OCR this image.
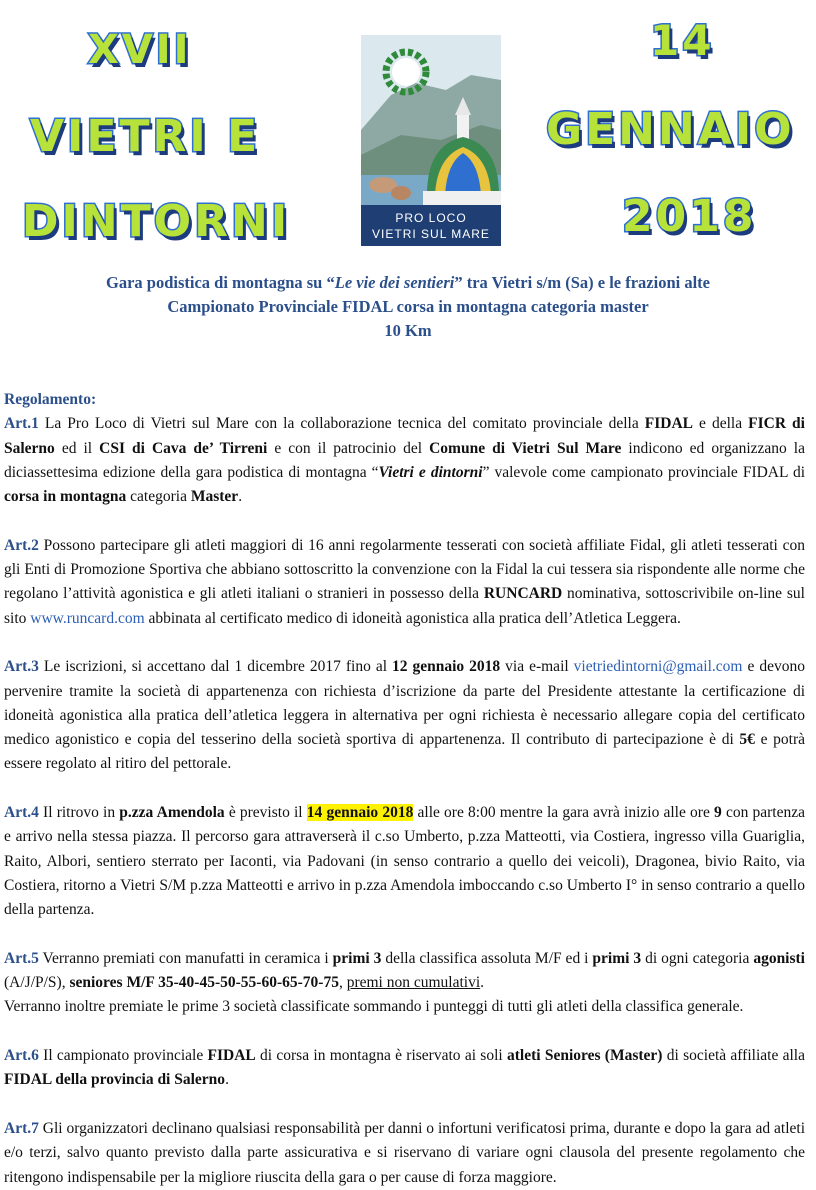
XVII
VIETRI E
DINTORNI
14
GENNAIO
2018
PRO LOCO
VIETRI SUL MARE
Gara podistica di montagna su “Le vie dei sentieri” tra Vietri s/m (Sa) e le frazioni alte
Campionato Provinciale FIDAL corsa in montagna categoria master
10 Km

Regolamento:
Art.1 La Pro Loco di Vietri sul Mare con la collaborazione tecnica del comitato provinciale della FIDAL e della FICR di Salerno ed il CSI di Cava de’ Tirreni e con il patrocinio del Comune di Vietri Sul Mare indicono ed organizzano la diciassettesima edizione della gara podistica di montagna “Vietri e dintorni” valevole come campionato provinciale FIDAL di corsa in montagna categoria Master.

Art.2 Possono partecipare gli atleti maggiori di 16 anni regolarmente tesserati con società affiliate Fidal, gli atleti tesserati con gli Enti di Promozione Sportiva che abbiano sottoscritto la convenzione con la Fidal la cui tessera sia rispondente alle norme che regolano l’attività agonistica e gli atleti italiani o stranieri in possesso della RUNCARD nominativa, sottoscrivibile on-line sul sito www.runcard.com abbinata al certificato medico di idoneità agonistica alla pratica dell’Atletica Leggera.

Art.3 Le iscrizioni, si accettano dal 1 dicembre 2017 fino al 12 gennaio 2018 via e-mail vietriedintorni@gmail.com e devono pervenire tramite la società di appartenenza con richiesta d’iscrizione da parte del Presidente attestante la certificazione di idoneità agonistica alla pratica dell’atletica leggera in alternativa per ogni richiesta è necessario allegare copia del certificato medico agonistico e copia del tesserino della società sportiva di appartenenza. Il contributo di partecipazione è di 5€ e potrà essere regolato al ritiro del pettorale.

Art.4 Il ritrovo in p.zza Amendola è previsto il 14 gennaio 2018 alle ore 8:00 mentre la gara avrà inizio alle ore 9 con partenza e arrivo nella stessa piazza. Il percorso gara attraverserà il c.so Umberto, p.zza Matteotti, via Costiera, ingresso villa Guariglia, Raito, Albori, sentiero sterrato per Iaconti, via Padovani (in senso contrario a quello dei veicoli), Dragonea, bivio Raito, via Costiera, ritorno a Vietri S/M p.zza Matteotti e arrivo in p.zza Amendola imboccando c.so Umberto I° in senso contrario a quello della partenza.

Art.5 Verranno premiati con manufatti in ceramica i primi 3 della classifica assoluta M/F ed i primi 3 di ogni categoria agonisti (A/J/P/S), seniores M/F 35-40-45-50-55-60-65-70-75, premi non cumulativi.
Verranno inoltre premiate le prime 3 società classificate sommando i punteggi di tutti gli atleti della classifica generale.

Art.6 Il campionato provinciale FIDAL di corsa in montagna è riservato ai soli atleti Seniores (Master) di società affiliate alla FIDAL della provincia di Salerno.

Art.7 Gli organizzatori declinano qualsiasi responsabilità per danni o infortuni verificatosi prima, durante e dopo la gara ad atleti e/o terzi, salvo quanto previsto dalla parte assicurativa e si riservano di variare ogni clausola del presente regolamento che ritengono indispensabile per la migliore riuscita della gara o per cause di forza maggiore.
